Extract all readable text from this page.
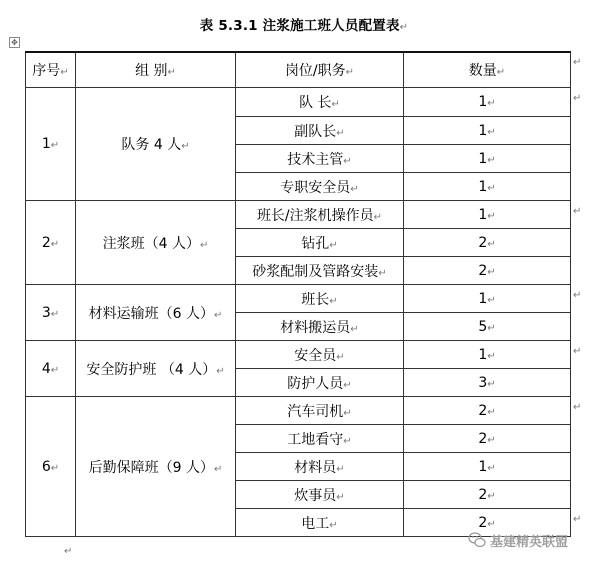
表 5.3.1 注浆施工班人员配置表↵
✥
序号↵	组 别↵	岗位/职务↵	数量↵
1↵	队务 4 人↵	队 长↵	1↵
		副队长↵	1↵
		技术主管↵	1↵
		专职安全员↵	1↵
2↵	注浆班（4 人）↵	班长/注浆机操作员↵	1↵
		钻孔↵	2↵
		砂浆配制及管路安装↵	2↵
3↵	材料运输班（6 人）↵	班长↵	1↵
		材料搬运员↵	5↵
4↵	安全防护班 （4 人）↵	安全员↵	1↵
		防护人员↵	3↵
6↵	后勤保障班（9 人）↵	汽车司机↵	2↵
		工地看守↵	2↵
		材料员↵	1↵
		炊事员↵	2↵
		电工↵	2↵
↵
↵
↵
↵
↵
↵
↵
↵
基建精英联盟
